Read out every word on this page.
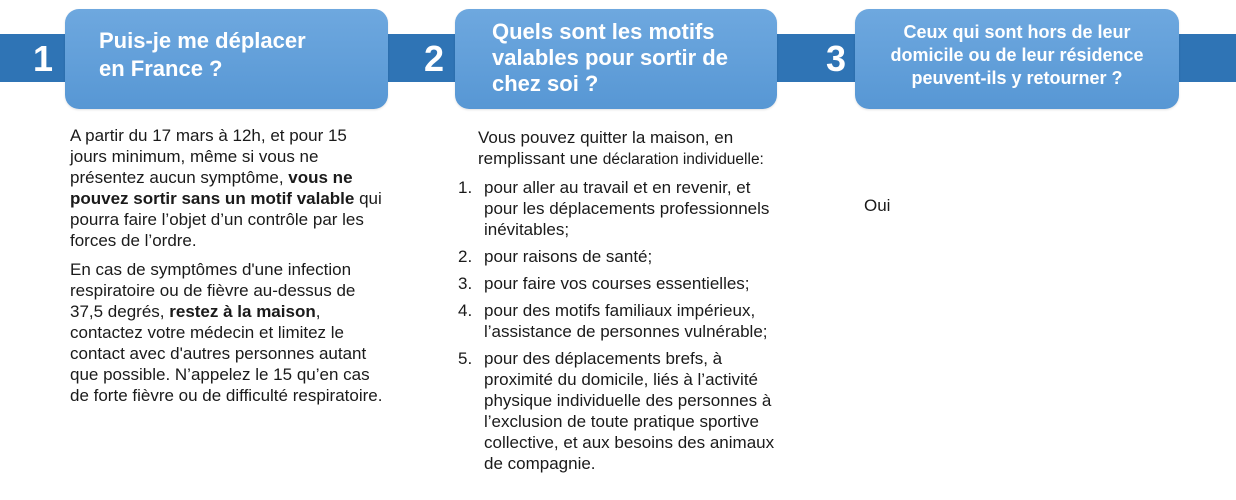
1	2	3
Puis-je me déplacer
en France ?
Quels sont les motifs
valables pour sortir de
chez soi ?
Ceux qui sont hors de leur
domicile ou de leur résidence
peuvent-ils y retourner ?
A partir du 17 mars à 12h, et pour 15
jours minimum, même si vous ne
présentez aucun symptôme, vous ne
pouvez sortir sans un motif valable qui
pourra faire l’objet d’un contrôle par les
forces de l’ordre.
En cas de symptômes d'une infection
respiratoire ou de fièvre au-dessus de
37,5 degrés, restez à la maison,
contactez votre médecin et limitez le
contact avec d'autres personnes autant
que possible. N’appelez le 15 qu’en cas
de forte fièvre ou de difficulté respiratoire.
Vous pouvez quitter la maison, en
remplissant une déclaration individuelle:
1. pour aller au travail et en revenir, et
pour les déplacements professionnels
inévitables;
2. pour raisons de santé;
3. pour faire vos courses essentielles;
4. pour des motifs familiaux impérieux,
l’assistance de personnes vulnérable;
5. pour des déplacements brefs, à
proximité du domicile, liés à l’activité
physique individuelle des personnes à
l’exclusion de toute pratique sportive
collective, et aux besoins des animaux
de compagnie.
Oui
